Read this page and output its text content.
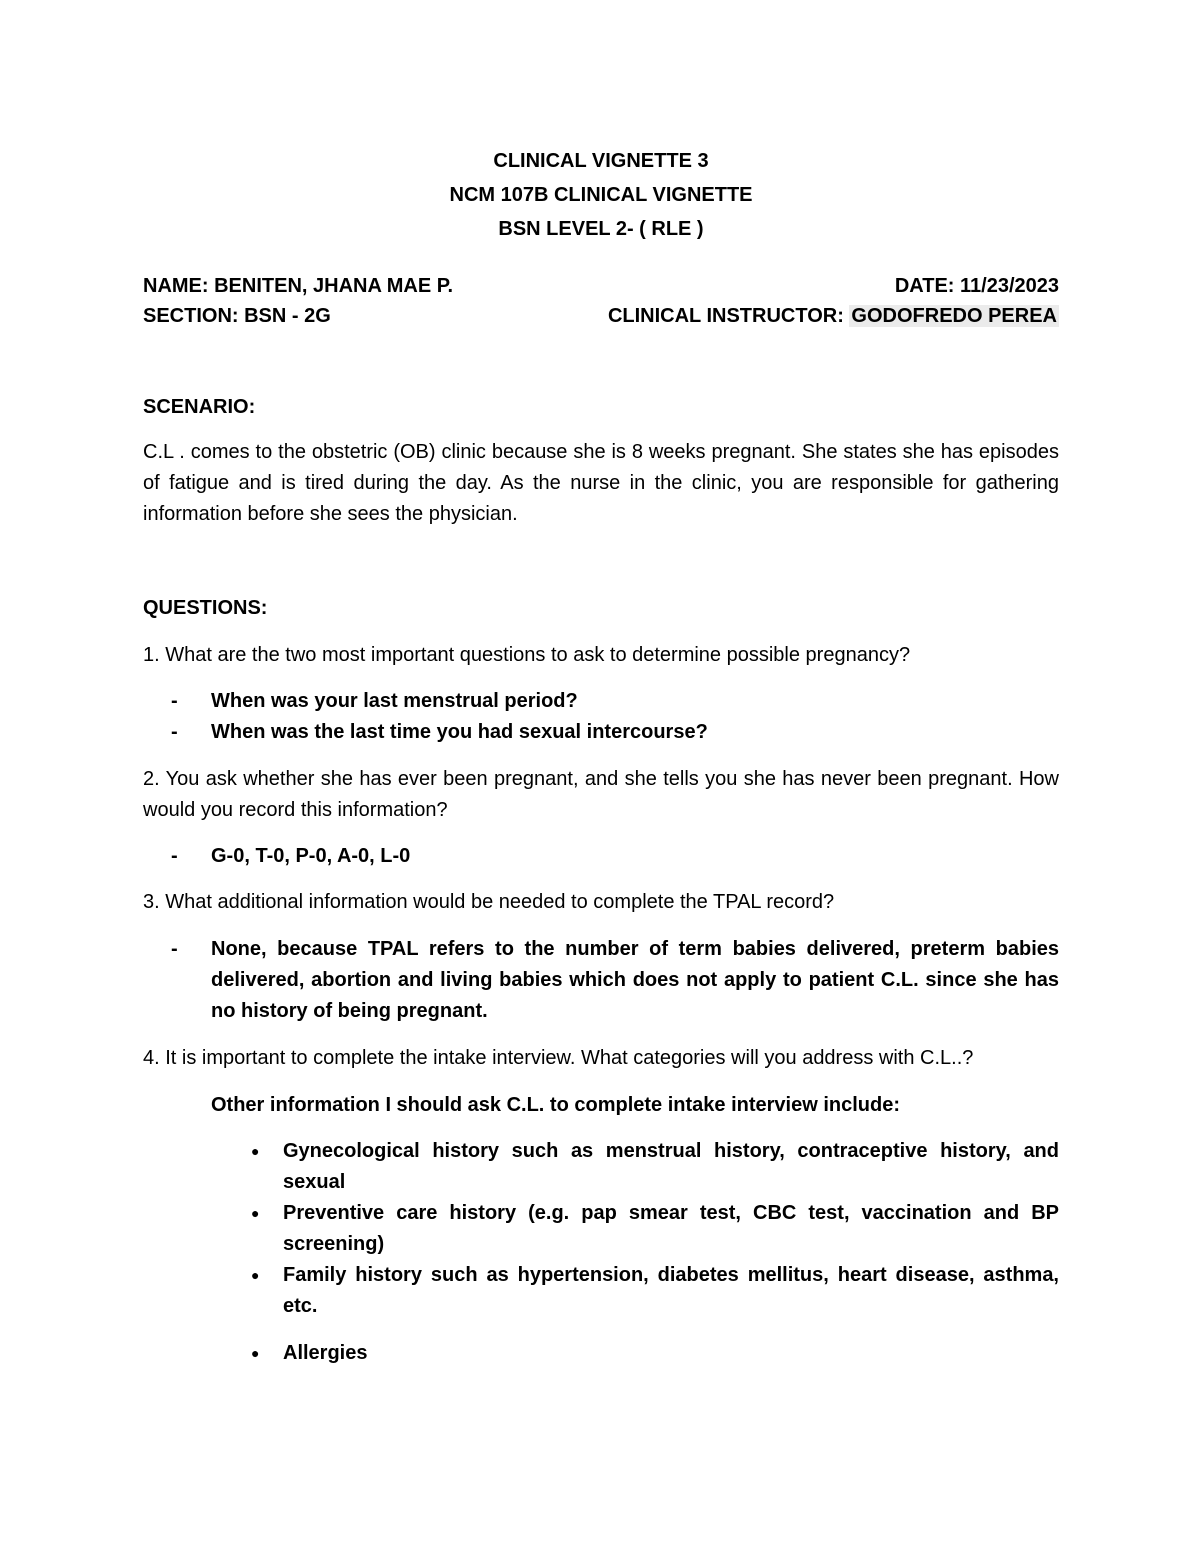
CLINICAL VIGNETTE 3
NCM 107B CLINICAL VIGNETTE
BSN LEVEL 2- ( RLE )
NAME: BENITEN, JHANA MAE P.	DATE: 11/23/2023
SECTION: BSN - 2G	CLINICAL INSTRUCTOR: GODOFREDO PEREA
SCENARIO:
C.L . comes to the obstetric (OB) clinic because she is 8 weeks pregnant. She states she has episodes of fatigue and is tired during the day. As the nurse in the clinic, you are responsible for gathering information before she sees the physician.
QUESTIONS:
1. What are the two most important questions to ask to determine possible pregnancy?
- When was your last menstrual period?
- When was the last time you had sexual intercourse?
2. You ask whether she has ever been pregnant, and she tells you she has never been pregnant. How would you record this information?
- G-0, T-0, P-0, A-0, L-0
3. What additional information would be needed to complete the TPAL record?
- None, because TPAL refers to the number of term babies delivered, preterm babies delivered, abortion and living babies which does not apply to patient C.L. since she has no history of being pregnant.
4. It is important to complete the intake interview. What categories will you address with C.L..?
Other information I should ask C.L. to complete intake interview include:
● Gynecological history such as menstrual history, contraceptive history, and sexual
● Preventive care history (e.g. pap smear test, CBC test, vaccination and BP screening)
● Family history such as hypertension, diabetes mellitus, heart disease, asthma, etc.
● Allergies
